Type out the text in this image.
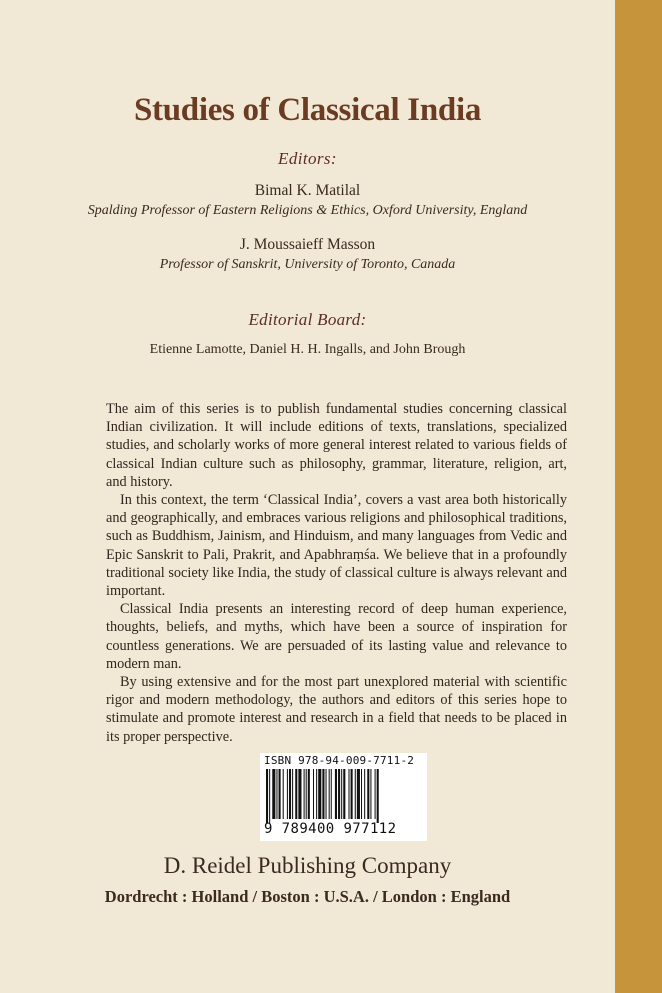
Studies of Classical India
Editors:
Bimal K. Matilal
Spalding Professor of Eastern Religions & Ethics, Oxford University, England
J. Moussaieff Masson
Professor of Sanskrit, University of Toronto, Canada
Editorial Board:
Etienne Lamotte, Daniel H. H. Ingalls, and John Brough

The aim of this series is to publish fundamental studies concerning classical Indian civilization. It will include editions of texts, translations, specialized studies, and scholarly works of more general interest related to various fields of classical Indian culture such as philosophy, grammar, literature, religion, art, and history.

In this context, the term ‘Classical India’, covers a vast area both historically and geographically, and embraces various religions and philosophical traditions, such as Buddhism, Jainism, and Hinduism, and many languages from Vedic and Epic Sanskrit to Pali, Prakrit, and Apabhraṃśa. We believe that in a profoundly traditional society like India, the study of classical culture is always relevant and important.

Classical India presents an interesting record of deep human experience, thoughts, beliefs, and myths, which have been a source of inspiration for countless generations. We are persuaded of its lasting value and relevance to modern man.

By using extensive and for the most part unexplored material with scientific rigor and modern methodology, the authors and editors of this series hope to stimulate and promote interest and research in a field that needs to be placed in its proper perspective.

ISBN 978-94-009-7711-2
9 789400 977112
D. Reidel Publishing Company
Dordrecht : Holland / Boston : U.S.A. / London : England
